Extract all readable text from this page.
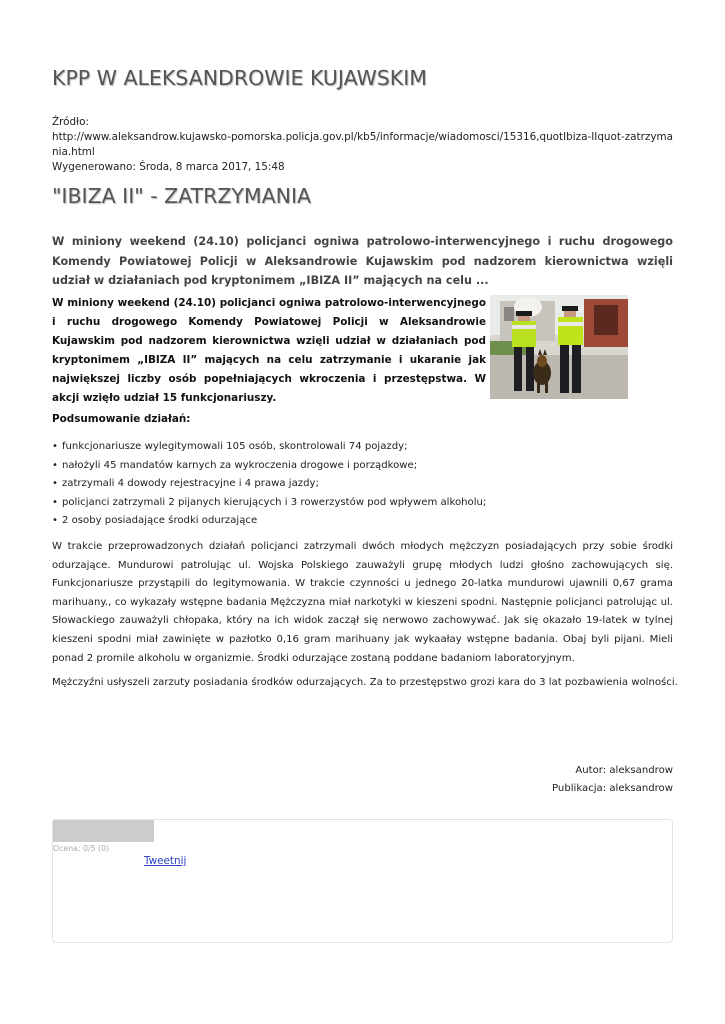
KPP W ALEKSANDROWIE KUJAWSKIM
Źródło:
http://www.aleksandrow.kujawsko-pomorska.policja.gov.pl/kb5/informacje/wiadomosci/15316,quotIbiza-IIquot-zatrzymania.html
Wygenerowano: Środa, 8 marca 2017, 15:48
"IBIZA II" - ZATRZYMANIA
W miniony weekend (24.10) policjanci ogniwa patrolowo-interwencyjnego i ruchu drogowego Komendy Powiatowej Policji w Aleksandrowie Kujawskim pod nadzorem kierownictwa wzięli udział w działaniach pod kryptonimem „IBIZA II” mających na celu ...
W miniony weekend (24.10) policjanci ogniwa patrolowo-interwencyjnego i ruchu drogowego Komendy Powiatowej Policji w Aleksandrowie Kujawskim pod nadzorem kierownictwa wzięli udział w działaniach pod kryptonimem „IBIZA II” mających na celu zatrzymanie i ukaranie jak największej liczby osób popełniających wkroczenia i przestępstwa. W akcji wzięło udział 15 funkcjonariuszy.
Podsumowanie działań:
• funkcjonariusze wylegitymowali 105 osób, skontrolowali 74 pojazdy;
• nałożyli 45 mandatów karnych za wykroczenia drogowe i porządkowe;
• zatrzymali 4 dowody rejestracyjne i 4 prawa jazdy;
• policjanci zatrzymali 2 pijanych kierujących i 3 rowerzystów pod wpływem alkoholu;
• 2 osoby posiadające środki odurzające
W trakcie przeprowadzonych działań policjanci zatrzymali dwóch młodych mężczyzn posiadających przy sobie środki odurzające. Mundurowi patrolując ul. Wojska Polskiego zauważyli grupę młodych ludzi głośno zachowujących się. Funkcjonariusze przystąpili do legitymowania. W trakcie czynności u jednego 20-latka mundurowi ujawnili 0,67 grama marihuany., co wykazały wstępne badania Mężczyzna miał narkotyki w kieszeni spodni. Następnie policjanci patrolując ul. Słowackiego zauważyli chłopaka, który na ich widok zaczął się nerwowo zachowywać. Jak się okazało 19-latek w tylnej kieszeni spodni miał zawinięte w pazłotko 0,16 gram marihuany jak wykaałay wstępne badania. Obaj byli pijani. Mieli ponad 2 promile alkoholu w organizmie. Środki odurzające zostaną poddane badaniom laboratoryjnym.
Mężczyźni usłyszeli zarzuty posiadania środków odurzających. Za to przestępstwo grozi kara do 3 lat pozbawienia wolności.
Autor: aleksandrow
Publikacja: aleksandrow
Ocena: 0/5 (0)
Tweetnij
